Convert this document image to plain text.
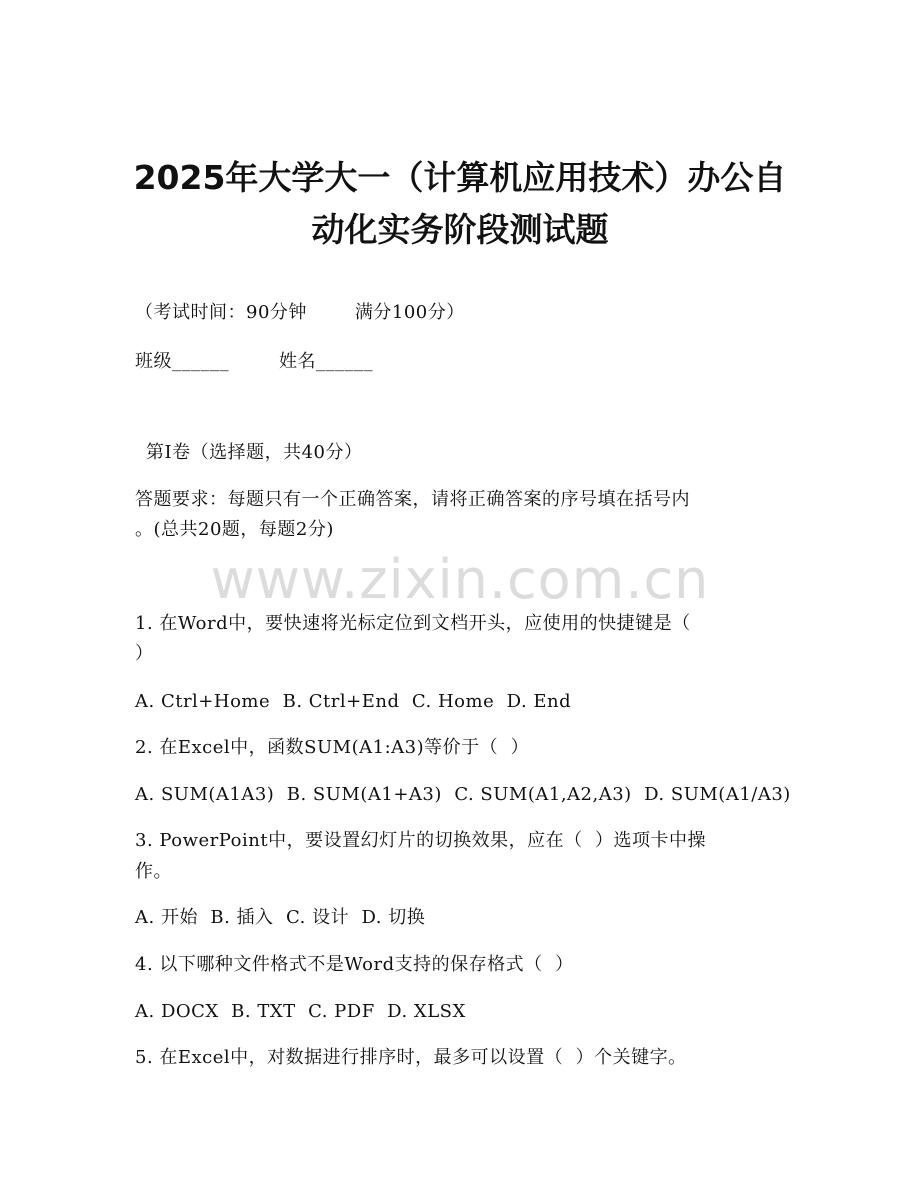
2025年大学大一（计算机应用技术）办公自
动化实务阶段测试题
（考试时间：90分钟	满分100分）
班级______	姓名______
第I卷（选择题，共40分）
答题要求：每题只有一个正确答案，请将正确答案的序号填在括号内
。(总共20题，每题2分)
www.zixin.com.cn
1. 在Word中，要快速将光标定位到文档开头，应使用的快捷键是（
）
A. Ctrl+Home  B. Ctrl+End  C. Home  D. End
2. 在Excel中，函数SUM(A1:A3)等价于（  ）
A. SUM(A1A3)  B. SUM(A1+A3)  C. SUM(A1,A2,A3)  D. SUM(A1/A3)
3. PowerPoint中，要设置幻灯片的切换效果，应在（  ）选项卡中操
作。
A. 开始  B. 插入  C. 设计  D. 切换
4. 以下哪种文件格式不是Word支持的保存格式（  ）
A. DOCX  B. TXT  C. PDF  D. XLSX
5. 在Excel中，对数据进行排序时，最多可以设置（  ）个关键字。
